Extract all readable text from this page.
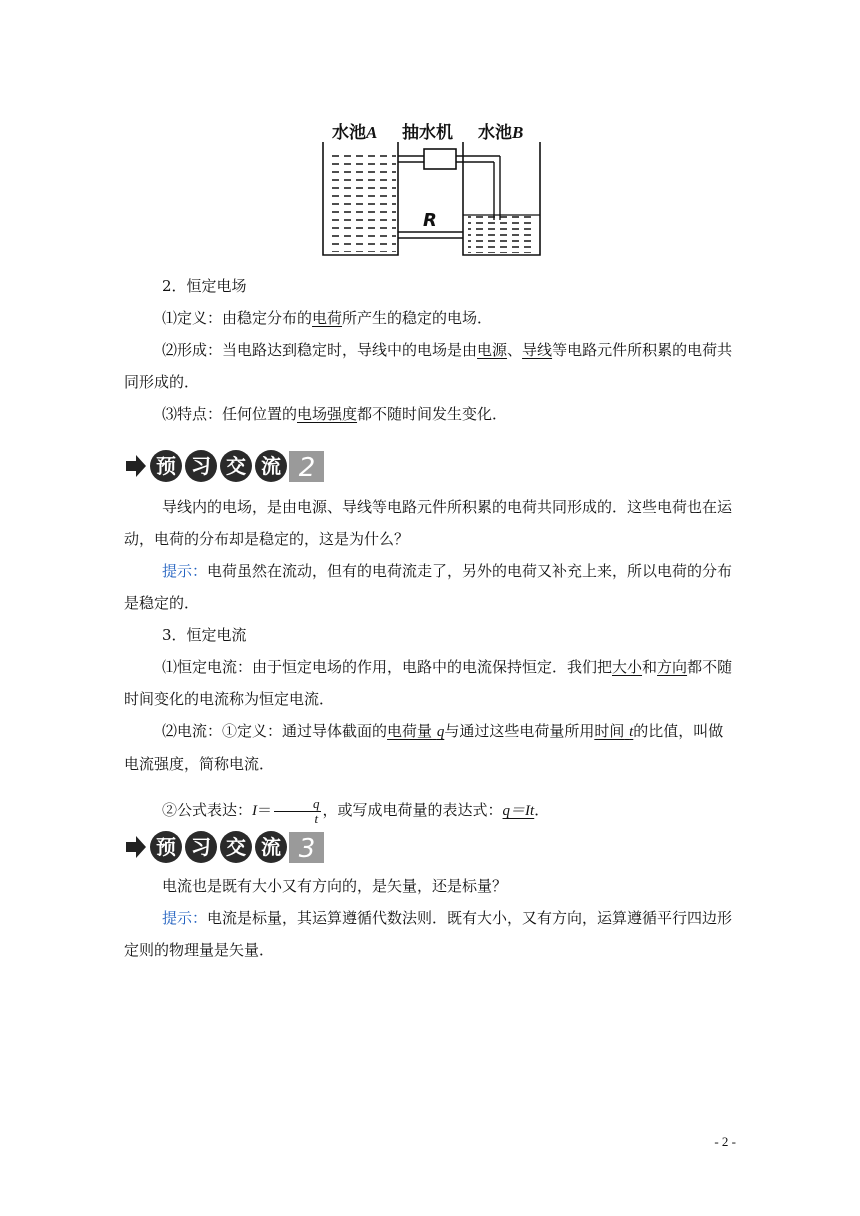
水池A 抽水机 水池B
R
2．恒定电场
⑴定义：由稳定分布的电荷所产生的稳定的电场．
⑵形成：当电路达到稳定时，导线中的电场是由电源、导线等电路元件所积累的电荷共同形成的．
⑶特点：任何位置的电场强度都不随时间发生变化．
预 习 交 流 2
导线内的电场，是由电源、导线等电路元件所积累的电荷共同形成的．这些电荷也在运动，电荷的分布却是稳定的，这是为什么？
提示：电荷虽然在流动，但有的电荷流走了，另外的电荷又补充上来，所以电荷的分布是稳定的．
3．恒定电流
⑴恒定电流：由于恒定电场的作用，电路中的电流保持恒定．我们把大小和方向都不随时间变化的电流称为恒定电流．
⑵电流：①定义：通过导体截面的电荷量 q与通过这些电荷量所用时间 t的比值，叫做电流强度，简称电流．
②公式表达：$I= \frac{q}{t}$ ，或写成电荷量的表达式：q＝It．
预 习 交 流 3
电流也是既有大小又有方向的，是矢量，还是标量？
提示：电流是标量，其运算遵循代数法则．既有大小，又有方向，运算遵循平行四边形定则的物理量是矢量．
- 2 -
